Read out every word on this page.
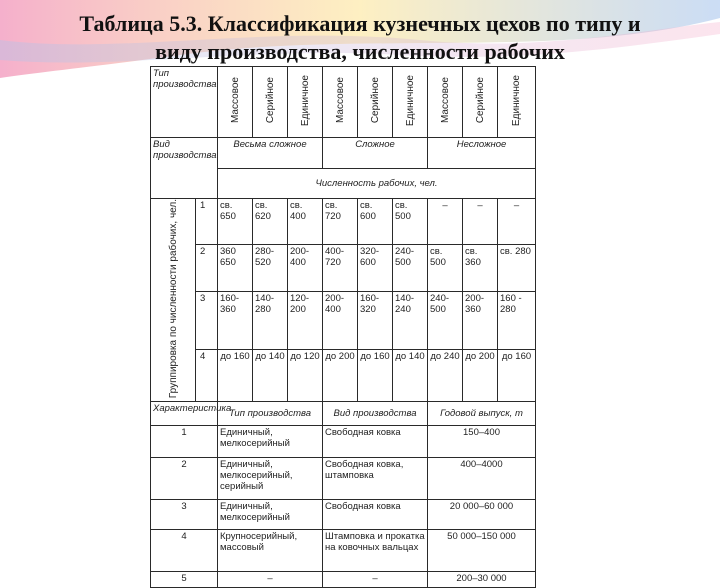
Таблица 5.3. Классификация кузнечных цехов по типу и
виду производства, численности рабочих
Тип производства		Массовое	Серийное	Единичное	Массовое	Серийное	Единичное	Массовое	Серийное	Единичное
Вид производства		Весьма сложное			Сложное			Несложное		
		Численность рабочих, чел.								
Группировка по численности рабочих, чел.	1	св. 650	св. 620	св. 400	св. 720	св. 600	св. 500	–	–	–
	2	360 650	280- 520	200- 400	400- 720	320- 600	240- 500	св. 500	св. 360	св. 280
	3	160- 360	140- 280	120- 200	200- 400	160- 320	140- 240	240- 500	200- 360	160 - 280
	4	до 160	до 140	до 120	до 200	до 160	до 140	до 240	до 200	до 160
Характеристика		Тип производства			Вид производства			Годовой выпуск, т		
1		Единичный, мелкосерийный			Свободная ковка			150–400		
2		Единичный, мелкосерийный, серийный			Свободная ковка, штамповка			400–4000		
3		Единичный, мелкосерийный			Свободная ковка			20 000–60 000		
4		Крупносерийный, массовый			Штамповка и прокатка на ковочных вальцах			50 000–150 000		
5		–			–			200–30 000		
